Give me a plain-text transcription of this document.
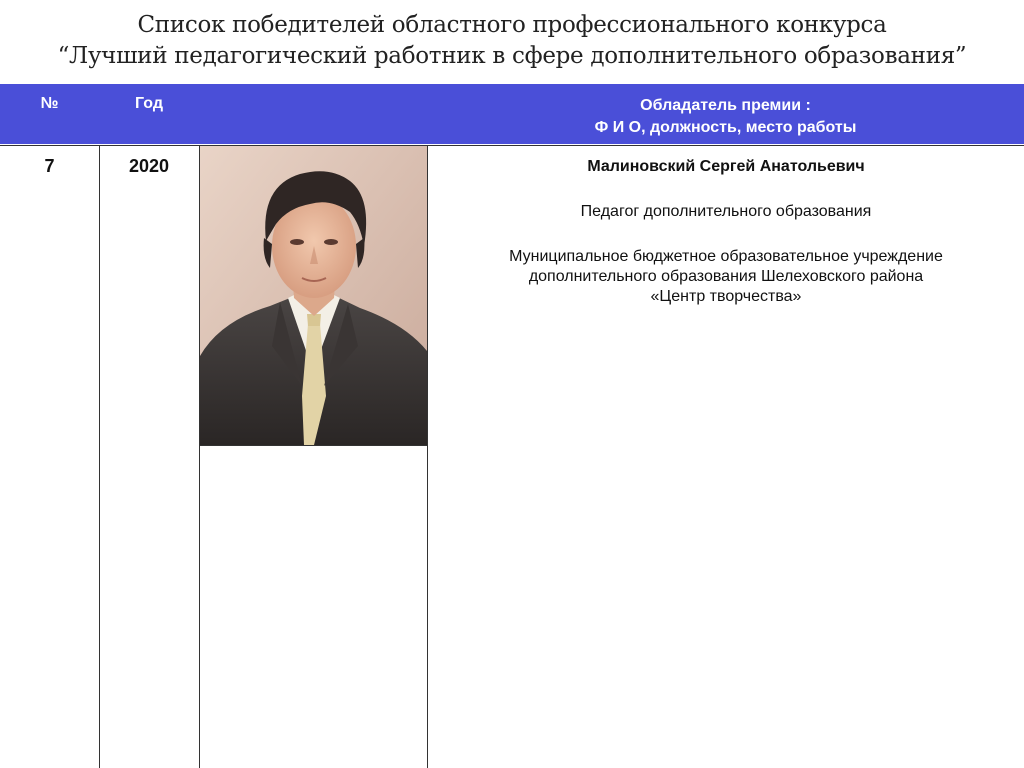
Список победителей областного профессионального конкурса
“Лучший педагогический работник в сфере дополнительного образования”
№	Год	Обладатель премии :
Ф И О, должность, место работы
7	2020	Малиновский Сергей Анатольевич
Педагог дополнительного образования
Муниципальное бюджетное образовательное учреждение
дополнительного образования Шелеховского района
«Центр творчества»
